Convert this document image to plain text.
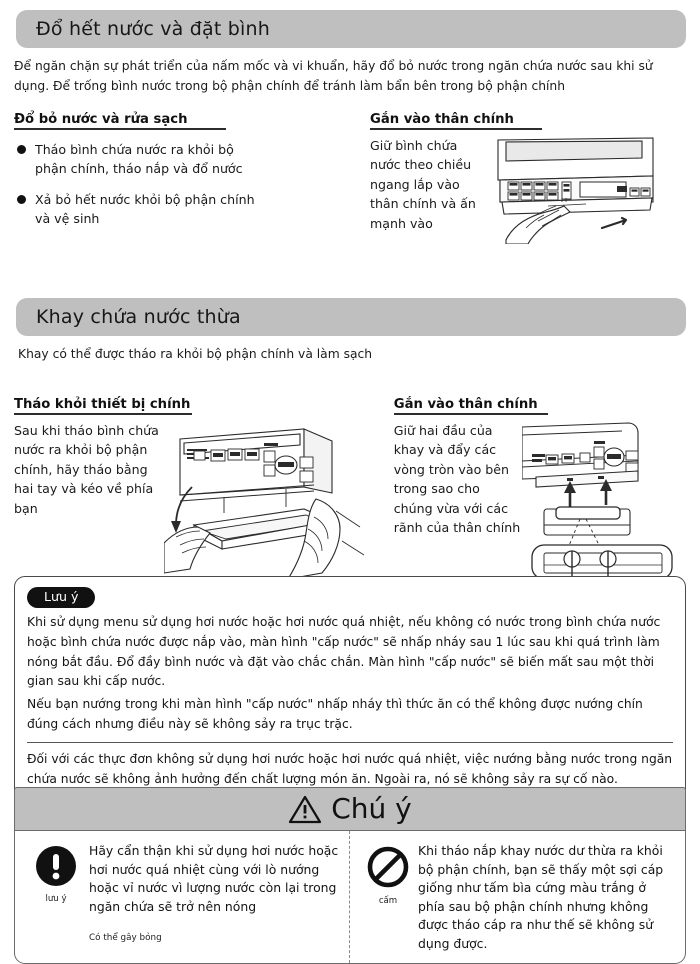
Đổ hết nước và đặt bình

Để ngăn chặn sự phát triển của nấm mốc và vi khuẩn, hãy đổ bỏ nước trong ngăn chứa nước sau khi sử dụng. Để trống bình nước trong bộ phận chính để tránh làm bẩn bên trong bộ phận chính

Đổ bỏ nước và rửa sạch
Tháo bình chứa nước ra khỏi bộ phận chính, tháo nắp và đổ nước
Xả bỏ hết nước khỏi bộ phận chính và vệ sinh
Gắn vào thân chính
Giữ bình chứa nước theo chiều ngang lắp vào thân chính và ấn mạnh vào
Khay chứa nước thừa

Khay có thể được tháo ra khỏi bộ phận chính và làm sạch

Tháo khỏi thiết bị chính
Sau khi tháo bình chứa nước ra khỏi bộ phận chính, hãy tháo bằng hai tay và kéo về phía bạn
Gắn vào thân chính
Giữ hai đầu của khay và đẩy các vòng tròn vào bên trong sao cho chúng vừa với các rãnh của thân chính
Lưu ý

Khi sử dụng menu sử dụng hơi nước hoặc hơi nước quá nhiệt, nếu không có nước trong bình chứa nước hoặc bình chứa nước được nắp vào, màn hình "cấp nước" sẽ nhấp nháy sau 1 lúc sau khi quá trình làm nóng bắt đầu. Đổ đầy bình nước và đặt vào chắc chắn. Màn hình "cấp nước" sẽ biến mất sau một thời gian sau khi cấp nước.

Nếu bạn nướng trong khi màn hình "cấp nước" nhấp nháy thì thức ăn có thể không được nướng chín đúng cách nhưng điều này sẽ không sảy ra trục trặc.

Đối với các thực đơn không sử dụng hơi nước hoặc hơi nước quá nhiệt, việc nướng bằng nước trong ngăn chứa nước sẽ không ảnh hưởng đến chất lượng món ăn. Ngoài ra, nó sẽ không sảy ra sự cố nào.

Chú ý
lưu ý
Hãy cẩn thận khi sử dụng hơi nước hoặc hơi nước quá nhiệt cùng với lò nướng hoặc vỉ nước vì lượng nước còn lại trong ngăn chứa sẽ trở nên nóng
Có thể gây bỏng
cấm
Khi tháo nắp khay nước dư thừa ra khỏi bộ phận chính, bạn sẽ thấy một sợi cáp giống như tấm bìa cứng màu trắng ở phía sau bộ phận chính nhưng không được tháo cáp ra như thế sẽ không sử dụng được.
